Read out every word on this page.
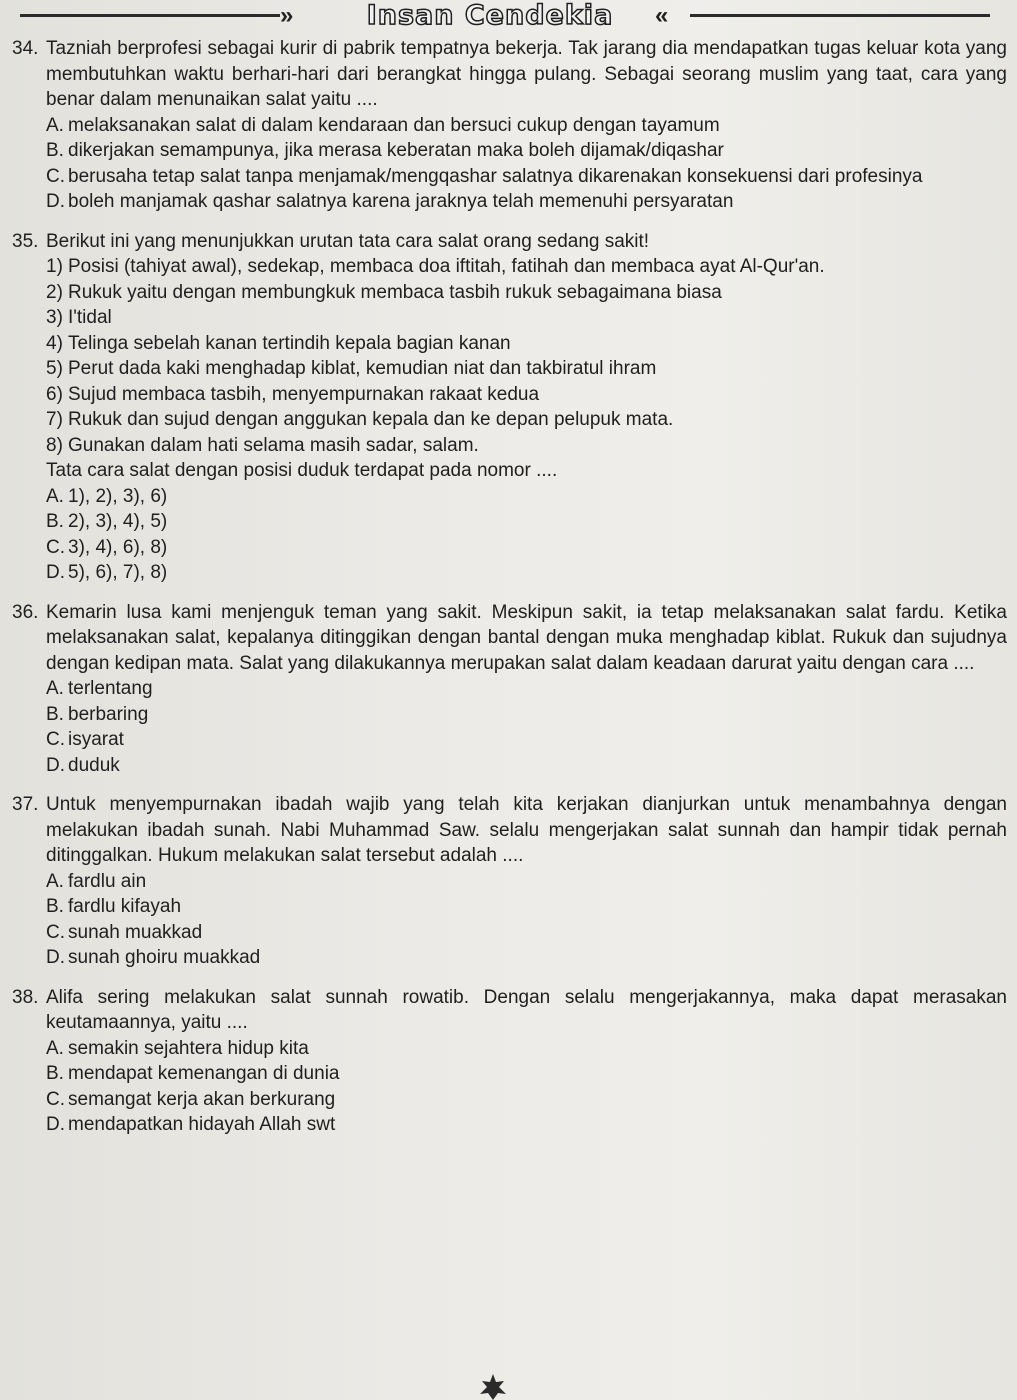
»	Insan Cendekia «
34. Tazniah berprofesi sebagai kurir di pabrik tempatnya bekerja. Tak jarang dia mendapatkan tugas keluar kota yang membutuhkan waktu berhari-hari dari berangkat hingga pulang. Sebagai seorang muslim yang taat, cara yang benar dalam menunaikan salat yaitu ....
A. melaksanakan salat di dalam kendaraan dan bersuci cukup dengan tayamum
B. dikerjakan semampunya, jika merasa keberatan maka boleh dijamak/diqashar
C. berusaha tetap salat tanpa menjamak/mengqashar salatnya dikarenakan konsekuensi dari profesinya
D. boleh manjamak qashar salatnya karena jaraknya telah memenuhi persyaratan
35. Berikut ini yang menunjukkan urutan tata cara salat orang sedang sakit!
1) Posisi (tahiyat awal), sedekap, membaca doa iftitah, fatihah dan membaca ayat Al-Qur'an.
2) Rukuk yaitu dengan membungkuk membaca tasbih rukuk sebagaimana biasa
3) I'tidal
4) Telinga sebelah kanan tertindih kepala bagian kanan
5) Perut dada kaki menghadap kiblat, kemudian niat dan takbiratul ihram
6) Sujud membaca tasbih, menyempurnakan rakaat kedua
7) Rukuk dan sujud dengan anggukan kepala dan ke depan pelupuk mata.
8) Gunakan dalam hati selama masih sadar, salam.
Tata cara salat dengan posisi duduk terdapat pada nomor ....
A. 1), 2), 3), 6)
B. 2), 3), 4), 5)
C. 3), 4), 6), 8)
D. 5), 6), 7), 8)
36. Kemarin lusa kami menjenguk teman yang sakit. Meskipun sakit, ia tetap melaksanakan salat fardu. Ketika melaksanakan salat, kepalanya ditinggikan dengan bantal dengan muka menghadap kiblat. Rukuk dan sujudnya dengan kedipan mata. Salat yang dilakukannya merupakan salat dalam keadaan darurat yaitu dengan cara ....
A. terlentang
B. berbaring
C. isyarat
D. duduk
37. Untuk menyempurnakan ibadah wajib yang telah kita kerjakan dianjurkan untuk menambahnya dengan melakukan ibadah sunah. Nabi Muhammad Saw. selalu mengerjakan salat sunnah dan hampir tidak pernah ditinggalkan. Hukum melakukan salat tersebut adalah ....
A. fardlu ain
B. fardlu kifayah
C. sunah muakkad
D. sunah ghoiru muakkad
38. Alifa sering melakukan salat sunnah rowatib. Dengan selalu mengerjakannya, maka dapat merasakan keutamaannya, yaitu ....
A. semakin sejahtera hidup kita
B. mendapat kemenangan di dunia
C. semangat kerja akan berkurang
D. mendapatkan hidayah Allah swt
